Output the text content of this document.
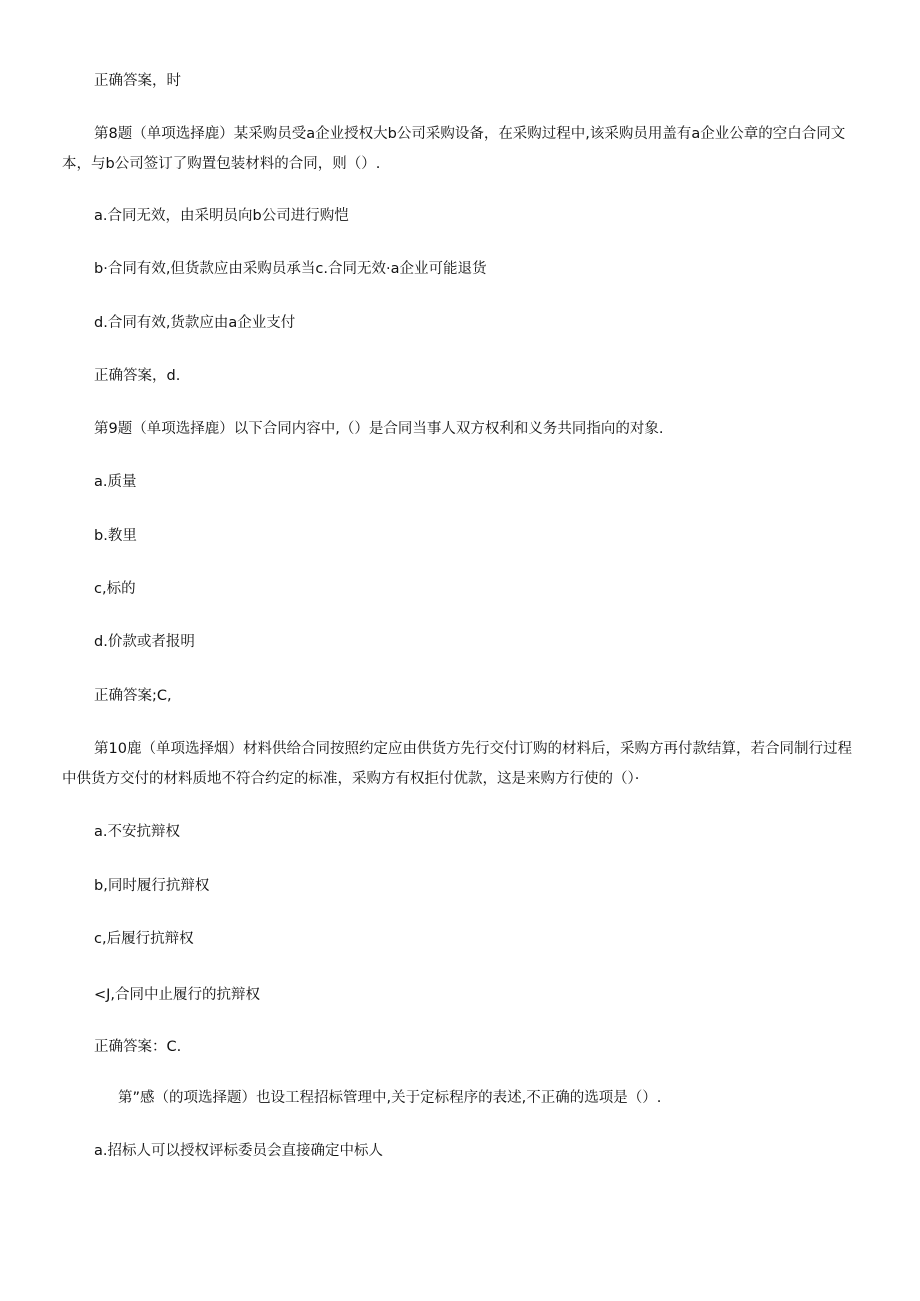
正确答案，时
第8题（单项选择鹿）某采购员受a企业授权大b公司采购设备，在采购过程中,该采购员用盖有a企业公章的空白合同文本，与b公司签订了购置包装材料的合同，则（）.
a.合同无效，由采明员向b公司进行购恺
b·合同有效,但货款应由采购员承当c.合同无效·a企业可能退货
d.合同有效,货款应由a企业支付
正确答案，d.
第9题（单项选择鹿）以下合同内容中,（）是合同当事人双方权利和义务共同指向的对象.
a.质量
b.教里
c,标的
d.价款或者报明
正确答案;C,
第10鹿（单项选择烟）材料供给合同按照约定应由供货方先行交付订购的材料后，采购方再付款结算，若合同制行过程中供货方交付的材料质地不符合约定的标准，采购方有权拒付优款，这是来购方行使的（）·
a.不安抗辩权
b,同时履行抗辩权
c,后履行抗辩权
<J,合同中止履行的抗辩权
正确答案：C.
第”感（的项选择题）也设工程招标管理中,关于定标程序的表述,不正确的选项是（）.
a.招标人可以授权评标委员会直接确定中标人
